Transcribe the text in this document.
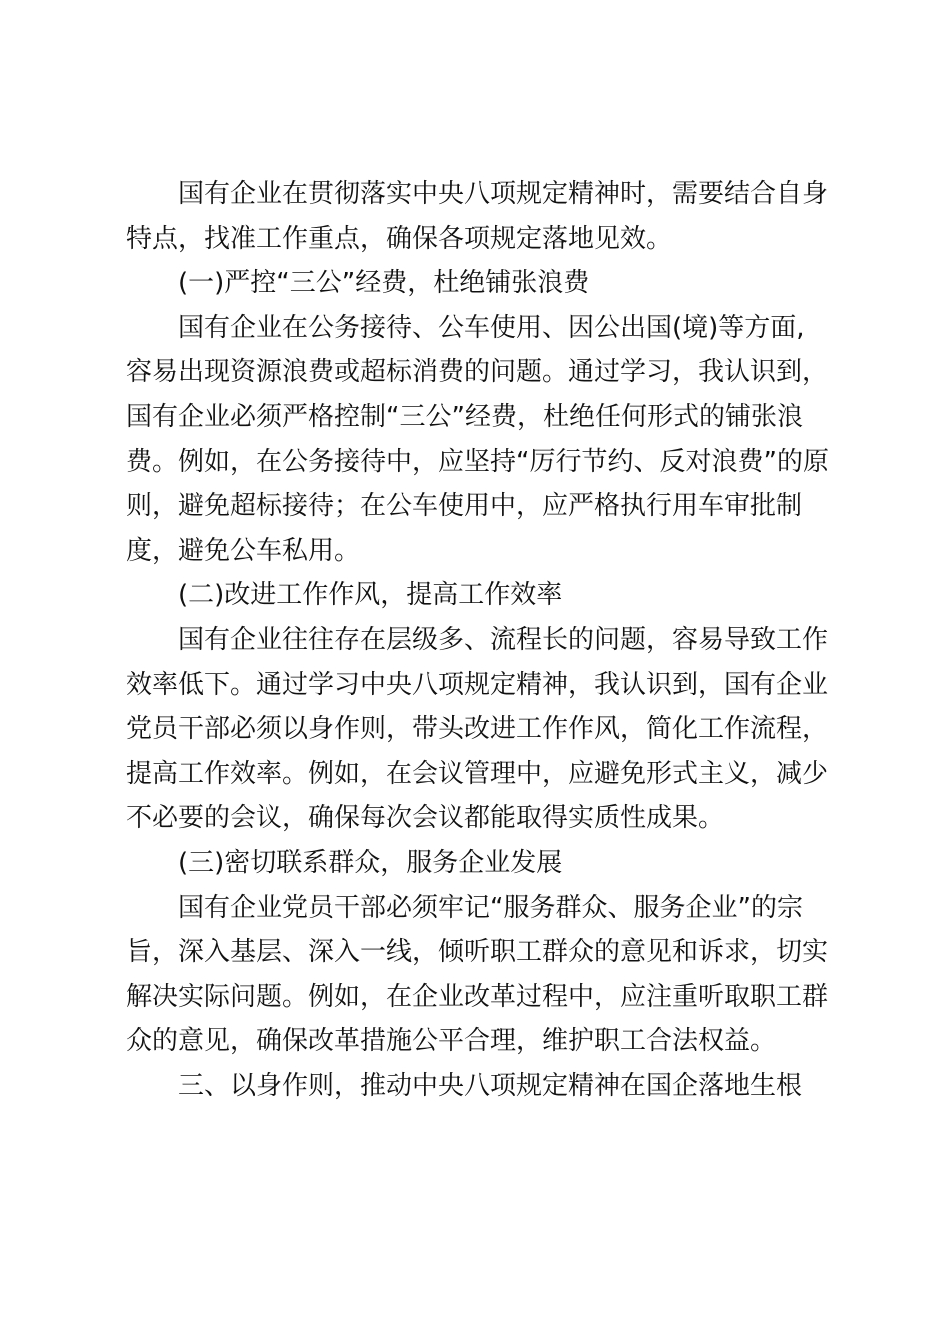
国有企业在贯彻落实中央八项规定精神时，需要结合自身
特点，找准工作重点，确保各项规定落地见效。
(一)严控“三公”经费，杜绝铺张浪费
国有企业在公务接待、公车使用、因公出国(境)等方面,
容易出现资源浪费或超标消费的问题。通过学习，我认识到，
国有企业必须严格控制“三公”经费，杜绝任何形式的铺张浪
费。例如，在公务接待中，应坚持“厉行节约、反对浪费”的原
则，避免超标接待；在公车使用中，应严格执行用车审批制
度，避免公车私用。
(二)改进工作作风，提高工作效率
国有企业往往存在层级多、流程长的问题，容易导致工作
效率低下。通过学习中央八项规定精神，我认识到，国有企业
党员干部必须以身作则，带头改进工作作风，简化工作流程，
提高工作效率。例如，在会议管理中，应避免形式主义，减少
不必要的会议，确保每次会议都能取得实质性成果。
(三)密切联系群众，服务企业发展
国有企业党员干部必须牢记“服务群众、服务企业”的宗
旨，深入基层、深入一线，倾听职工群众的意见和诉求，切实
解决实际问题。例如，在企业改革过程中，应注重听取职工群
众的意见，确保改革措施公平合理，维护职工合法权益。
三、以身作则，推动中央八项规定精神在国企落地生根
